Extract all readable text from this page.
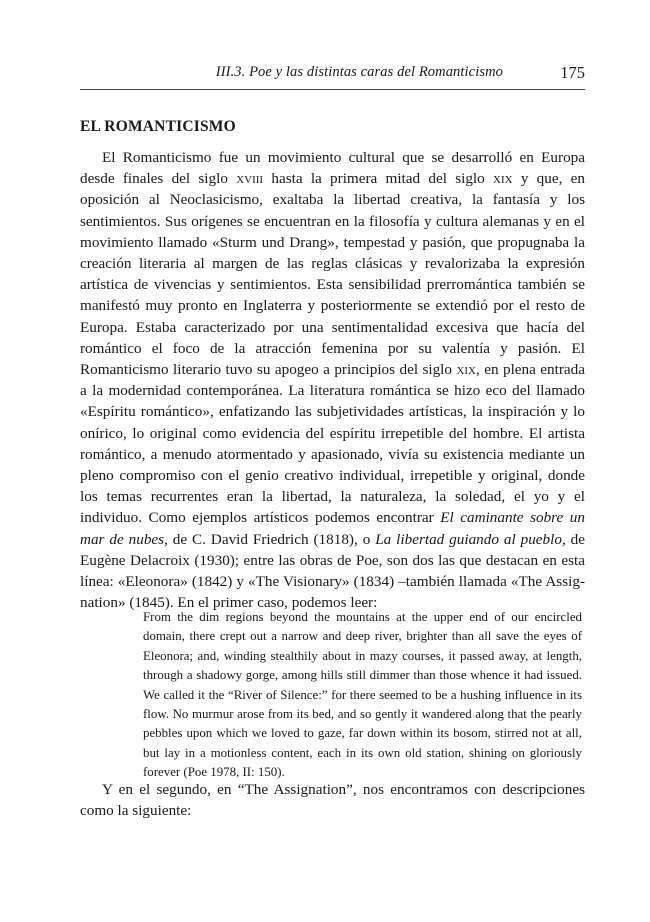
III.3. Poe y las distintas caras del Romanticismo	175
EL ROMANTICISMO

El Romanticismo fue un movimiento cultural que se desarrolló en Europa desde finales del siglo xviii hasta la primera mitad del siglo xix y que, en oposición al Neoclasicismo, exaltaba la libertad creativa, la fantasía y los sentimientos. Sus orígenes se encuentran en la filosofía y cultura alemanas y en el movimiento llamado «Sturm und Drang», tempestad y pasión, que propugnaba la creación literaria al margen de las reglas clásicas y revalorizaba la expresión artística de vivencias y sentimientos. Esta sensibilidad prerromántica también se manifestó muy pronto en Inglaterra y posteriormente se extendió por el resto de Europa. Estaba caracterizado por una sentimentalidad excesiva que hacía del romántico el foco de la atracción femenina por su valentía y pasión. El Romanticismo literario tuvo su apogeo a principios del siglo xix, en plena entrada a la modernidad contemporánea. La literatura romántica se hizo eco del llamado «Espíritu romántico», enfatizando las subjetividades artísticas, la inspiración y lo onírico, lo original como evidencia del espíritu irrepetible del hombre. El artista romántico, a menudo atormentado y apasionado, vivía su existencia mediante un pleno compromiso con el genio creativo individual, irrepetible y original, donde los temas recurrentes eran la libertad, la naturaleza, la soledad, el yo y el individuo. Como ejemplos artísticos podemos encontrar El caminante sobre un mar de nubes, de C. David Friedrich (1818), o La libertad guiando al pueblo, de Eugène Delacroix (1930); entre las obras de Poe, son dos las que destacan en esta línea: «Eleonora» (1842) y «The Visionary» (1834) –también llamada «The Assignation» (1845). En el primer caso, podemos leer:

From the dim regions beyond the mountains at the upper end of our encircled domain, there crept out a narrow and deep river, brighter than all save the eyes of Eleonora; and, winding stealthily about in mazy courses, it passed away, at length, through a shadowy gorge, among hills still dimmer than those whence it had issued. We called it the “River of Silence:” for there seemed to be a hushing influence in its flow. No murmur arose from its bed, and so gently it wandered along that the pearly pebbles upon which we loved to gaze, far down within its bosom, stirred not at all, but lay in a motionless content, each in its own old station, shining on gloriously forever (Poe 1978, II: 150).

Y en el segundo, en “The Assignation”, nos encontramos con descripciones como la siguiente:
